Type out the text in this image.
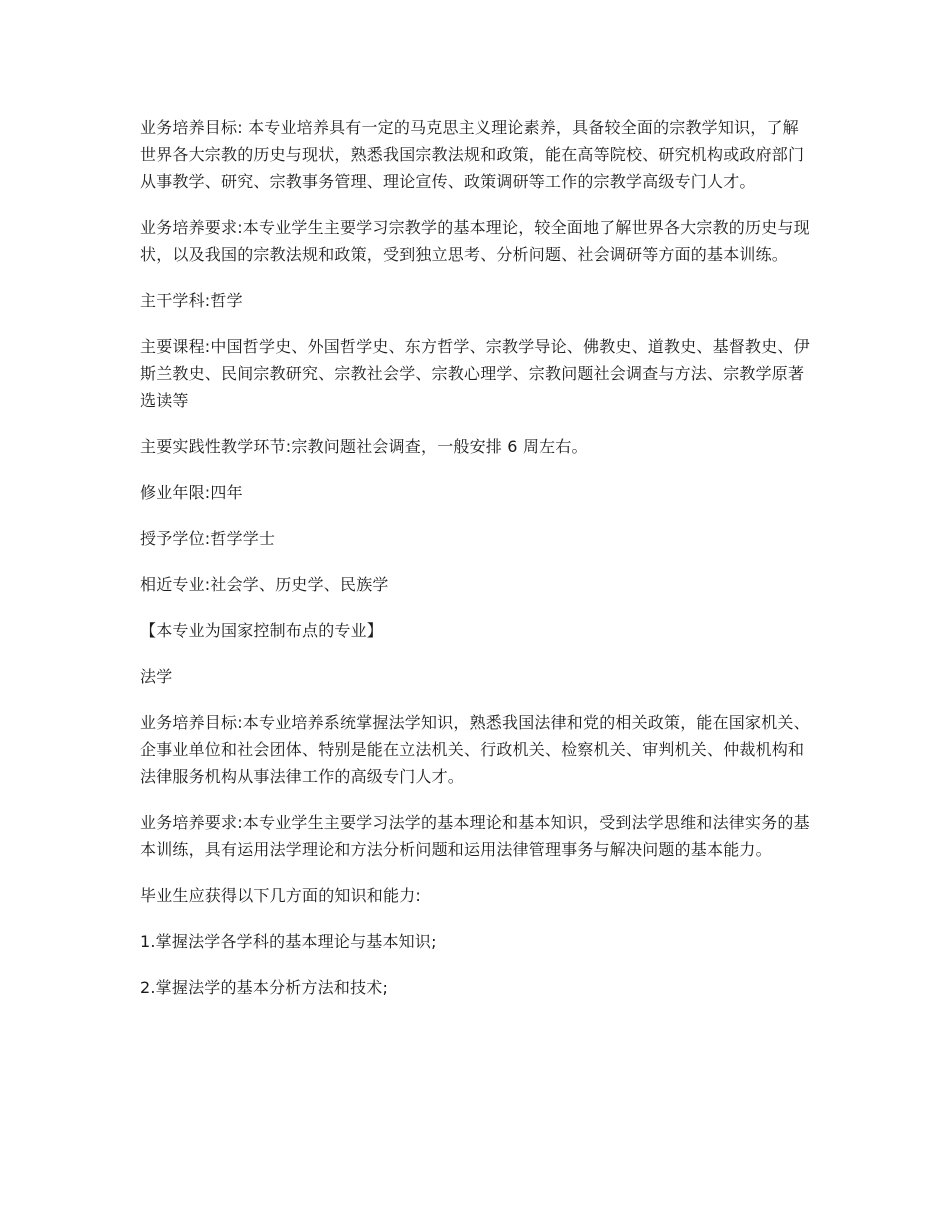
业务培养目标: 本专业培养具有一定的马克思主义理论素养，具备较全面的宗教学知识，了解世界各大宗教的历史与现状，熟悉我国宗教法规和政策，能在高等院校、研究机构或政府部门从事教学、研究、宗教事务管理、理论宣传、政策调研等工作的宗教学高级专门人才。

业务培养要求:本专业学生主要学习宗教学的基本理论，较全面地了解世界各大宗教的历史与现状，以及我国的宗教法规和政策，受到独立思考、分析问题、社会调研等方面的基本训练。

主干学科:哲学

主要课程:中国哲学史、外国哲学史、东方哲学、宗教学导论、佛教史、道教史、基督教史、伊斯兰教史、民间宗教研究、宗教社会学、宗教心理学、宗教问题社会调查与方法、宗教学原著选读等

主要实践性教学环节:宗教问题社会调查，一般安排 6 周左右。

修业年限:四年

授予学位:哲学学士

相近专业:社会学、历史学、民族学

【本专业为国家控制布点的专业】

法学

业务培养目标:本专业培养系统掌握法学知识，熟悉我国法律和党的相关政策，能在国家机关、企事业单位和社会团体、特别是能在立法机关、行政机关、检察机关、审判机关、仲裁机构和法律服务机构从事法律工作的高级专门人才。

业务培养要求:本专业学生主要学习法学的基本理论和基本知识，受到法学思维和法律实务的基本训练，具有运用法学理论和方法分析问题和运用法律管理事务与解决问题的基本能力。

毕业生应获得以下几方面的知识和能力:

1.掌握法学各学科的基本理论与基本知识;

2.掌握法学的基本分析方法和技术;
